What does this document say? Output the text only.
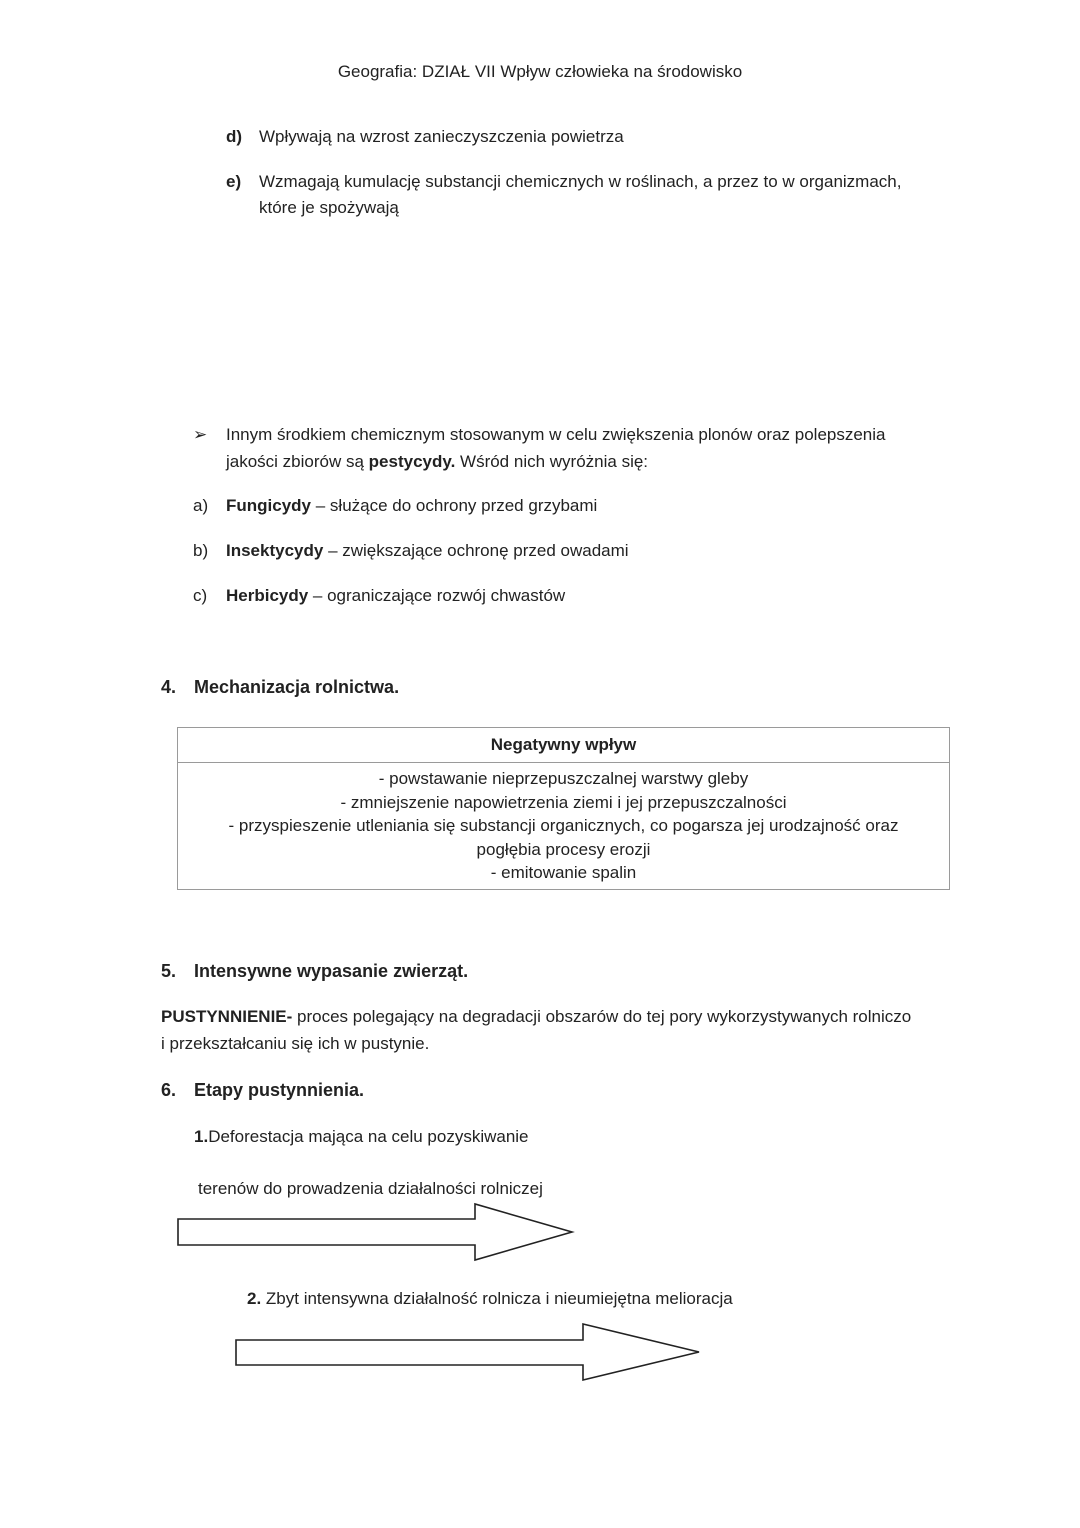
Geografia: DZIAŁ VII Wpływ człowieka na środowisko
d) Wpływają na wzrost zanieczyszczenia powietrza
e) Wzmagają kumulację substancji chemicznych w roślinach, a przez to w organizmach,
które je spożywają
➢ Innym środkiem chemicznym stosowanym w celu zwiększenia plonów oraz polepszenia
jakości zbiorów są pestycydy. Wśród nich wyróżnia się:
a) Fungicydy – służące do ochrony przed grzybami
b) Insektycydy – zwiększające ochronę przed owadami
c) Herbicydy – ograniczające rozwój chwastów
4. Mechanizacja rolnictwa.
Negatywny wpływ
- powstawanie nieprzepuszczalnej warstwy gleby
- zmniejszenie napowietrzenia ziemi i jej przepuszczalności
- przyspieszenie utleniania się substancji organicznych, co pogarsza jej urodzajność oraz
pogłębia procesy erozji
- emitowanie spalin
5. Intensywne wypasanie zwierząt.
PUSTYNNIENIE- proces polegający na degradacji obszarów do tej pory wykorzystywanych rolniczo
i przekształcaniu się ich w pustynie.
6. Etapy pustynnienia.
1.Deforestacja mająca na celu pozyskiwanie
terenów do prowadzenia działalności rolniczej
2. Zbyt intensywna działalność rolnicza i nieumiejętna melioracja
